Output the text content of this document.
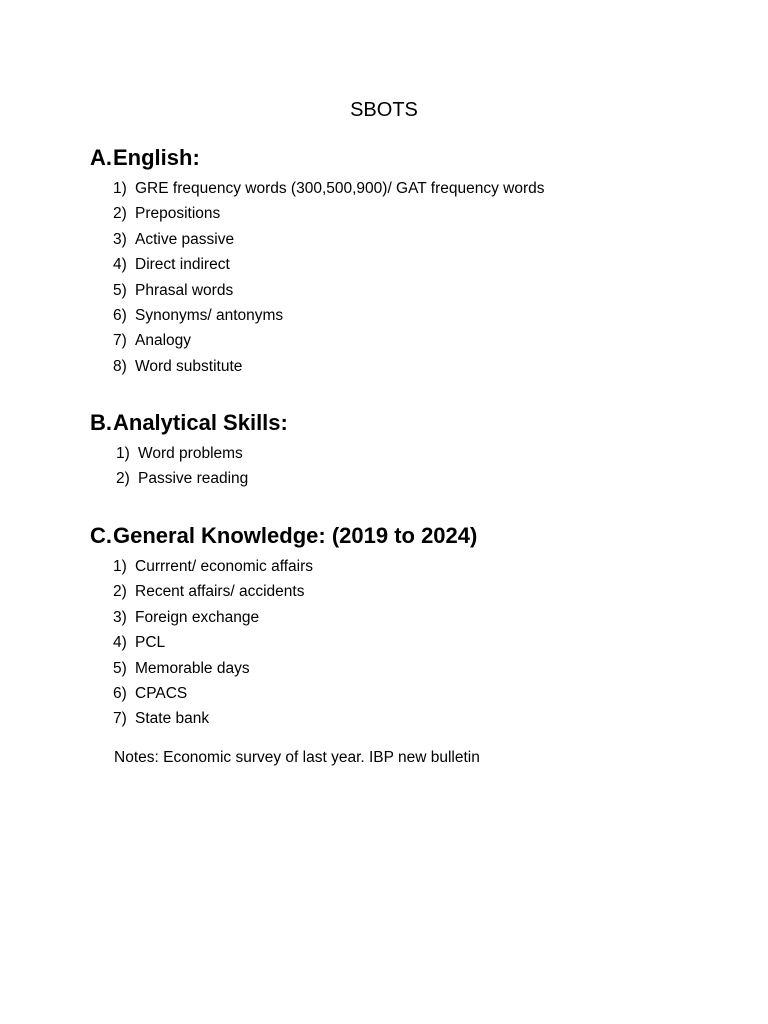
SBOTS
A.English:
1) GRE frequency words (300,500,900)/ GAT frequency words
2) Prepositions
3) Active passive
4) Direct indirect
5) Phrasal words
6) Synonyms/ antonyms
7) Analogy
8) Word substitute
B.Analytical Skills:
1) Word problems
2) Passive reading
C.General Knowledge: (2019 to 2024)
1) Currrent/ economic affairs
2) Recent affairs/ accidents
3) Foreign exchange
4) PCL
5) Memorable days
6) CPACS
7) State bank
Notes: Economic survey of last year. IBP new bulletin
